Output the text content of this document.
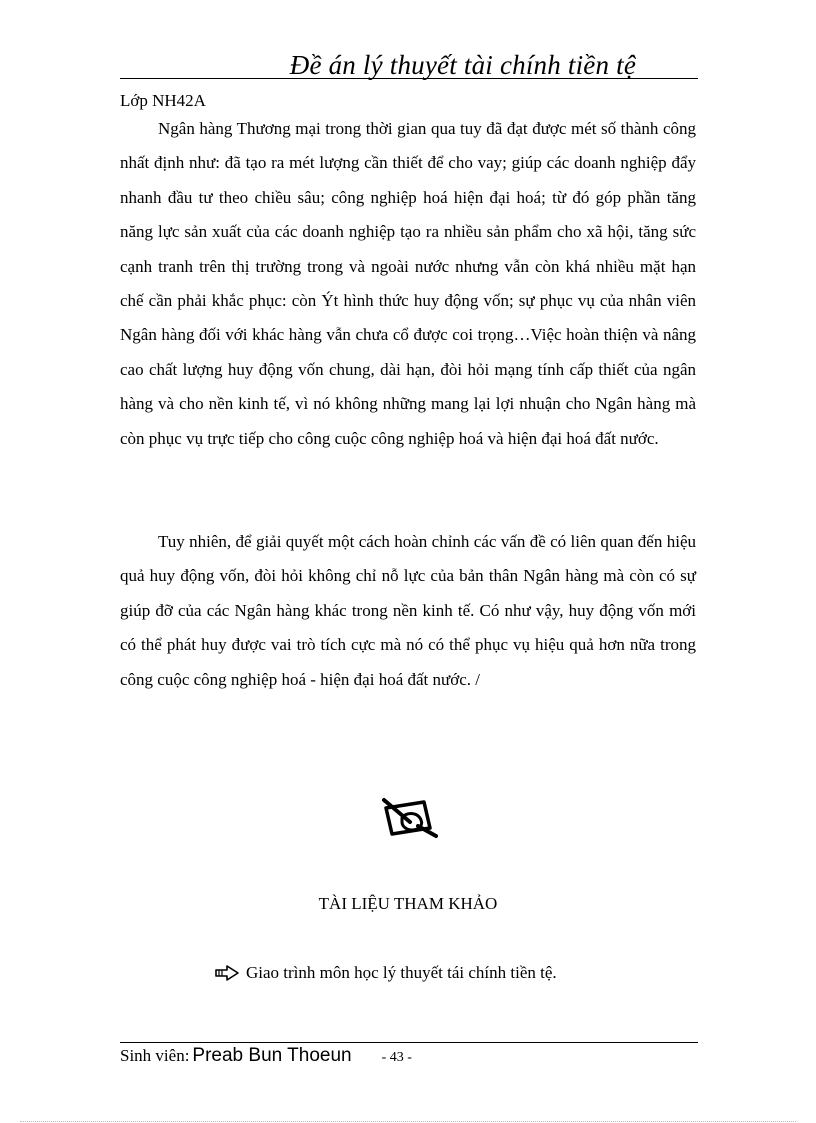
Đề án lý thuyết tài chính tiền tệ
Lớp NH42A

Ngân hàng Thương mại trong thời gian qua tuy đã đạt được mét số thành công nhất định như: đã tạo ra mét lượng cần thiết để cho vay; giúp các doanh nghiệp đẩy nhanh đầu tư theo chiều sâu; công nghiệp hoá hiện đại hoá; từ đó góp phần tăng năng lực sản xuất của các doanh nghiệp tạo ra nhiều sản phẩm cho xã hội, tăng sức cạnh tranh trên thị trường trong và ngoài nước nhưng vẫn còn khá nhiều mặt hạn chế cần phải khắc phục: còn Ýt hình thức huy động vốn; sự phục vụ của nhân viên Ngân hàng đối với khác hàng vẫn chưa cổ được coi trọng…Việc hoàn thiện và nâng cao chất lượng huy động vốn chung, dài hạn, đòi hỏi mạng tính cấp thiết của ngân hàng và cho nền kinh tế, vì nó không những mang lại lợi nhuận cho Ngân hàng mà còn phục vụ trực tiếp cho công cuộc công nghiệp hoá và hiện đại hoá đất nước.

Tuy nhiên, để giải quyết một cách hoàn chỉnh các vấn đề có liên quan đến hiệu quả huy động vốn, đòi hỏi không chỉ nỗ lực của bản thân Ngân hàng mà còn có sự giúp đỡ của các Ngân hàng khác trong nền kinh tế. Có như vậy, huy động vốn mới có thể phát huy được vai trò tích cực mà nó có thể phục vụ hiệu quả hơn nữa trong công cuộc công nghiệp hoá - hiện đại hoá đất nước. /

TÀI LIỆU THAM KHẢO
Giao trình môn học lý thuyết tái chính tiền tệ.
Sinh viên: Preab Bun Thoeun - 43 -
